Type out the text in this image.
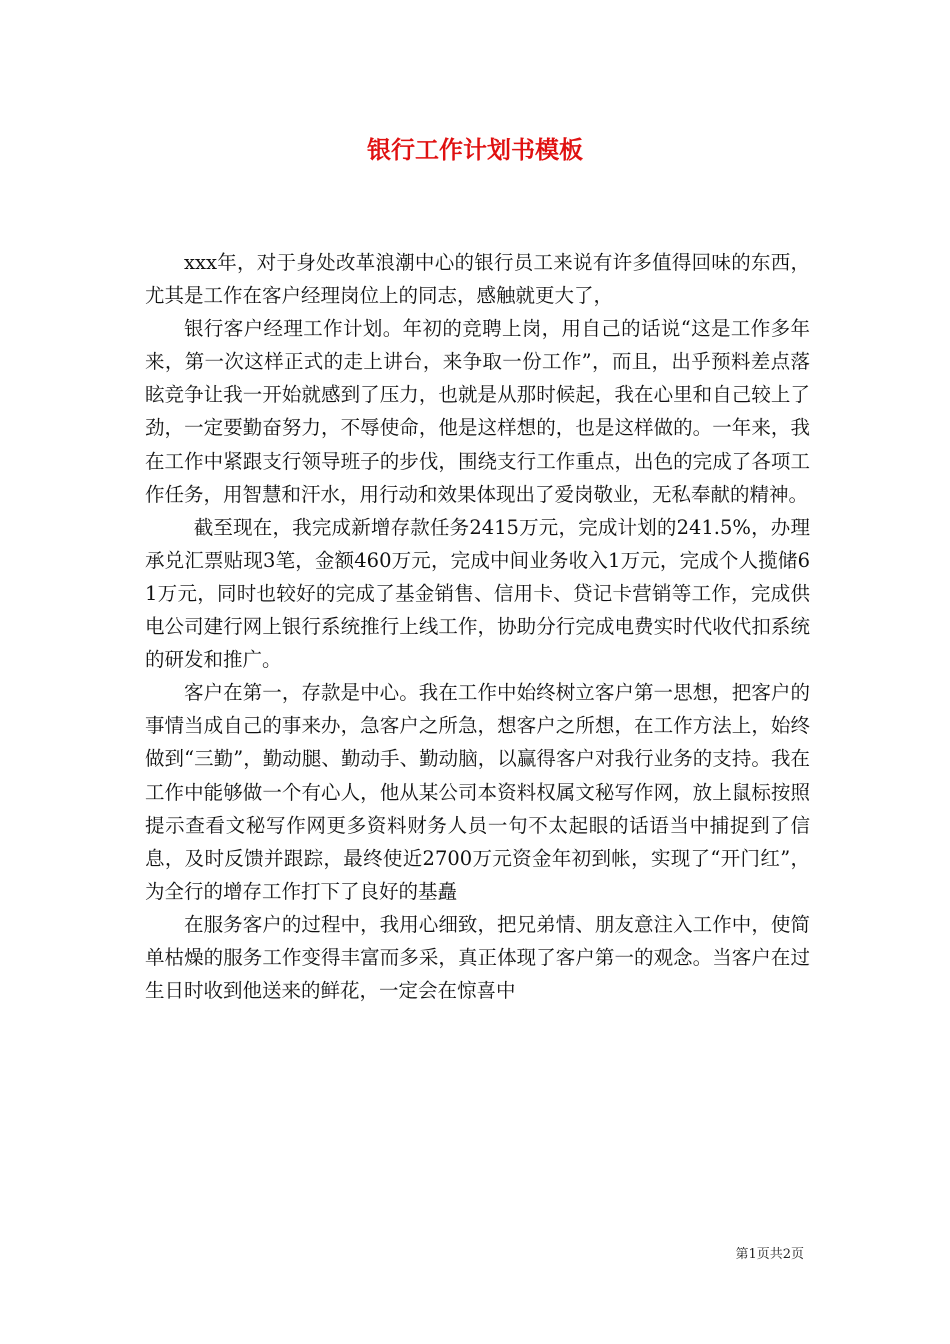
银行工作计划书模板

xxx年，对于身处改革浪潮中心的银行员工来说有许多值得回味的东西，尤其是工作在客户经理岗位上的同志，感触就更大了，

银行客户经理工作计划。年初的竞聘上岗，用自己的话说“这是工作多年来，第一次这样正式的走上讲台，来争取一份工作”，而且，出乎预料差点落眩竞争让我一开始就感到了压力，也就是从那时候起，我在心里和自己较上了劲，一定要勤奋努力，不辱使命，他是这样想的，也是这样做的。一年来，我在工作中紧跟支行领导班子的步伐，围绕支行工作重点，出色的完成了各项工作任务，用智慧和汗水，用行动和效果体现出了爱岗敬业，无私奉献的精神。

截至现在，我完成新增存款任务2415万元，完成计划的241.5%，办理承兑汇票贴现3笔，金额460万元，完成中间业务收入1万元，完成个人揽储61万元，同时也较好的完成了基金销售、信用卡、贷记卡营销等工作，完成供电公司建行网上银行系统推行上线工作，协助分行完成电费实时代收代扣系统的研发和推广。

客户在第一，存款是中心。我在工作中始终树立客户第一思想，把客户的事情当成自己的事来办，急客户之所急，想客户之所想，在工作方法上，始终做到“三勤”，勤动腿、勤动手、勤动脑，以赢得客户对我行业务的支持。我在工作中能够做一个有心人，他从某公司本资料权属文秘写作网，放上鼠标按照提示查看文秘写作网更多资料财务人员一句不太起眼的话语当中捕捉到了信息，及时反馈并跟踪，最终使近2700万元资金年初到帐，实现了“开门红”，为全行的增存工作打下了良好的基矗

在服务客户的过程中，我用心细致，把兄弟情、朋友意注入工作中，使简单枯燥的服务工作变得丰富而多采，真正体现了客户第一的观念。当客户在过生日时收到他送来的鲜花，一定会在惊喜中

第1页共2页
